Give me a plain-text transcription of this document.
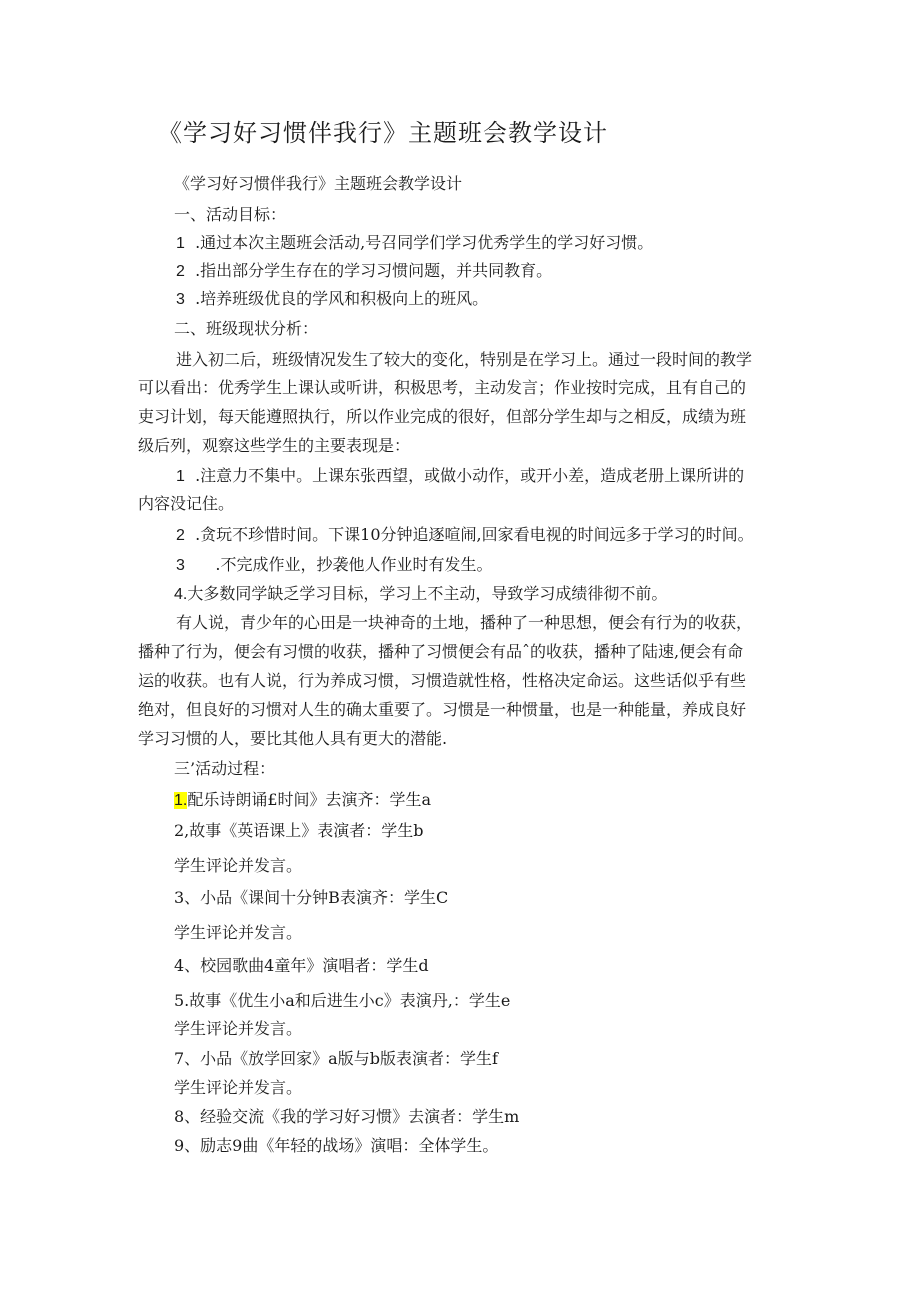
《学习好习惯伴我行》主题班会教学设计
《学习好习惯伴我行》主题班会教学设计
一、活动目标：
1 .通过本次主题班会活动,号召同学们学习优秀学生的学习好习惯。
2 .指出部分学生存在的学习习惯问题，并共同教育。
3 .培养班级优良的学风和积极向上的班风。
二、班级现状分析：
进入初二后，班级情况发生了较大的变化，特别是在学习上。通过一段时间的教学
可以看出：优秀学生上课认或听讲，积极思考，主动发言；作业按时完成，且有自己的
吏习计划，每天能遵照执行，所以作业完成的很好，但部分学生却与之相反，成绩为班
级后列，观察这些学生的主要表现是：
1 .注意力不集中。上课东张西望，或做小动作，或开小差，造成老册上课所讲的
内容没记住。
2 .贪玩不珍惜时间。下课10分钟追逐喧闹,回家看电视的时间远多于学习的时间。
3 .不完成作业，抄袭他人作业时有发生。
4.大多数同学缺乏学习目标，学习上不主动，导致学习成绩徘彻不前。
有人说，青少年的心田是一块神奇的土地，播种了一种思想，便会有行为的收获，
播种了行为，便会有习惯的收获，播种了习惯便会有品ˆ的收获，播种了陆速,便会有命
运的收获。也有人说，行为养成习惯，习惯造就性格，性格决定命运。这些话似乎有些
绝对，但良好的习惯对人生的确太重要了。习惯是一种惯量，也是一种能量，养成良好
学习习惯的人，要比其他人具有更大的潜能.
三’活动过程：
1.配乐诗朗诵£时间》去演齐：学生a
2,故事《英语课上》表演者：学生b
学生评论并发言。
3、小品《课间十分钟B表演齐：学生C
学生评论并发言。
4、校园歌曲4童年》演唱者：学生d
5.故事《优生小a和后进生小c》表演丹,：学生e
学生评论并发言。
7、小品《放学回家》a版与b版表演者：学生f
学生评论并发言。
8、经验交流《我的学习好习惯》去演者：学生m
9、励志9曲《年轻的战场》演唱：全体学生。
